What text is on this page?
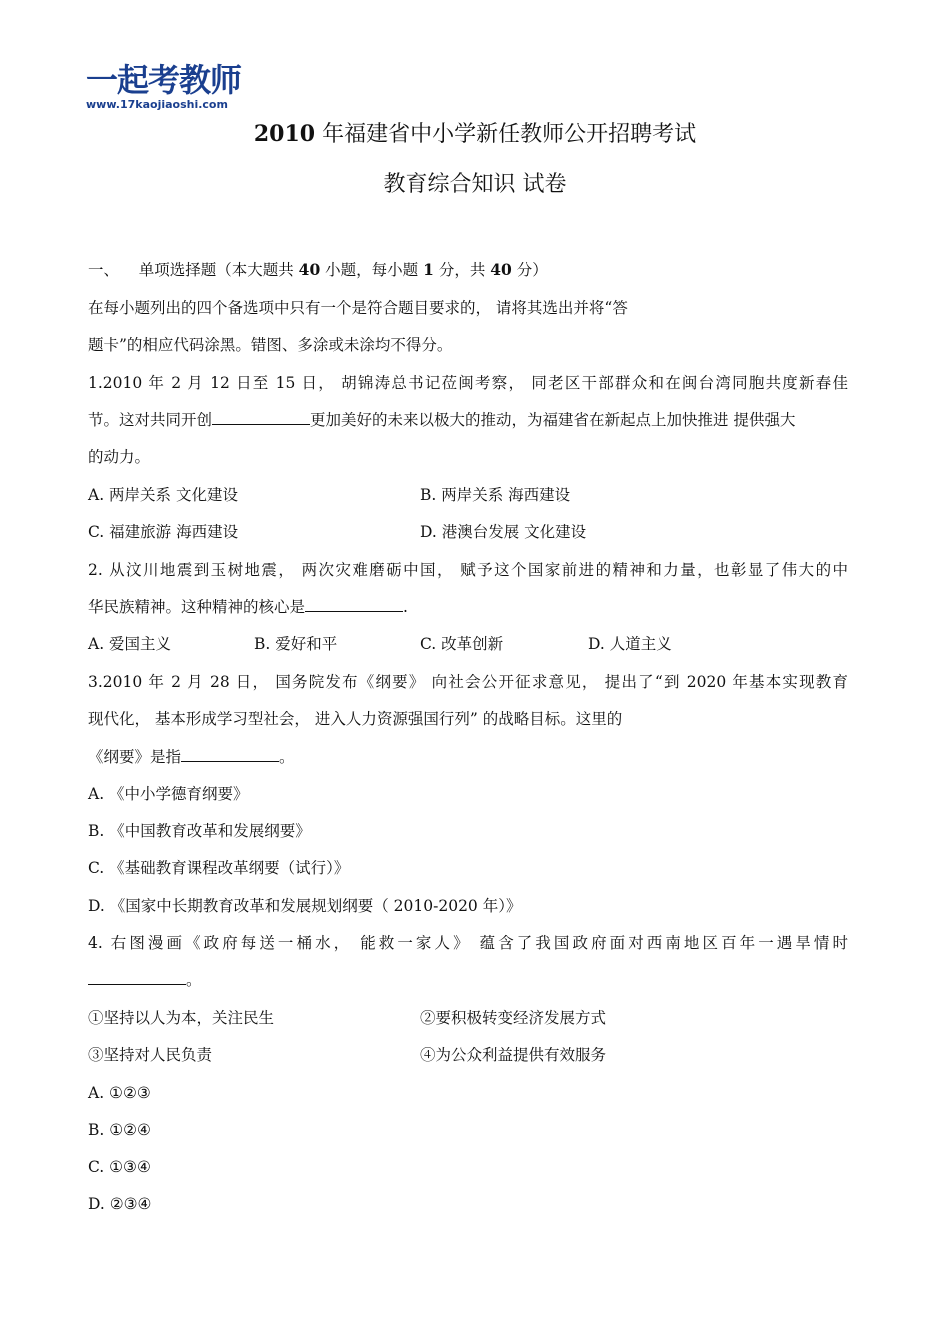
一起考教师
www.17kaojiaoshi.com
2010 年福建省中小学新任教师公开招聘考试
教育综合知识 试卷
一、    单项选择题（本大题共 40 小题，每小题 1 分，共 40 分）
在每小题列出的四个备选项中只有一个是符合题目要求的， 请将其选出并将“答
题卡”的相应代码涂黑。错图、多涂或未涂均不得分。
1.2010 年 2 月 12 日至 15 日， 胡锦涛总书记莅闽考察， 同老区干部群众和在闽台湾同胞共度新春佳
节。这对共同开创	更加美好的未来以极大的推动，为福建省在新起点上加快推进 提供强大
的动力。
A. 两岸关系 文化建设	B. 两岸关系 海西建设
C. 福建旅游 海西建设	D. 港澳台发展 文化建设
2. 从汶川地震到玉树地震， 两次灾难磨砺中国， 赋予这个国家前进的精神和力量，也彰显了伟大的中
华民族精神。这种精神的核心是	.
A. 爱国主义	B. 爱好和平	C. 改革创新	D. 人道主义
3.2010 年 2 月 28 日， 国务院发布《纲要》 向社会公开征求意见， 提出了“到 2020 年基本实现教育
现代化， 基本形成学习型社会， 进入人力资源强国行列” 的战略目标。这里的
《纲要》是指	。
A. 《中小学德育纲要》
B. 《中国教育改革和发展纲要》
C. 《基础教育课程改革纲要（试行）》
D. 《国家中长期教育改革和发展规划纲要（ 2010-2020 年）》
4. 右图漫画《政府每送一桶水， 能救一家人》 蕴含了我国政府面对西南地区百年一遇旱情时
。
①坚持以人为本，关注民生	②要积极转变经济发展方式
③坚持对人民负责	④为公众利益提供有效服务
A. ①②③
B. ①②④
C. ①③④
D. ②③④
